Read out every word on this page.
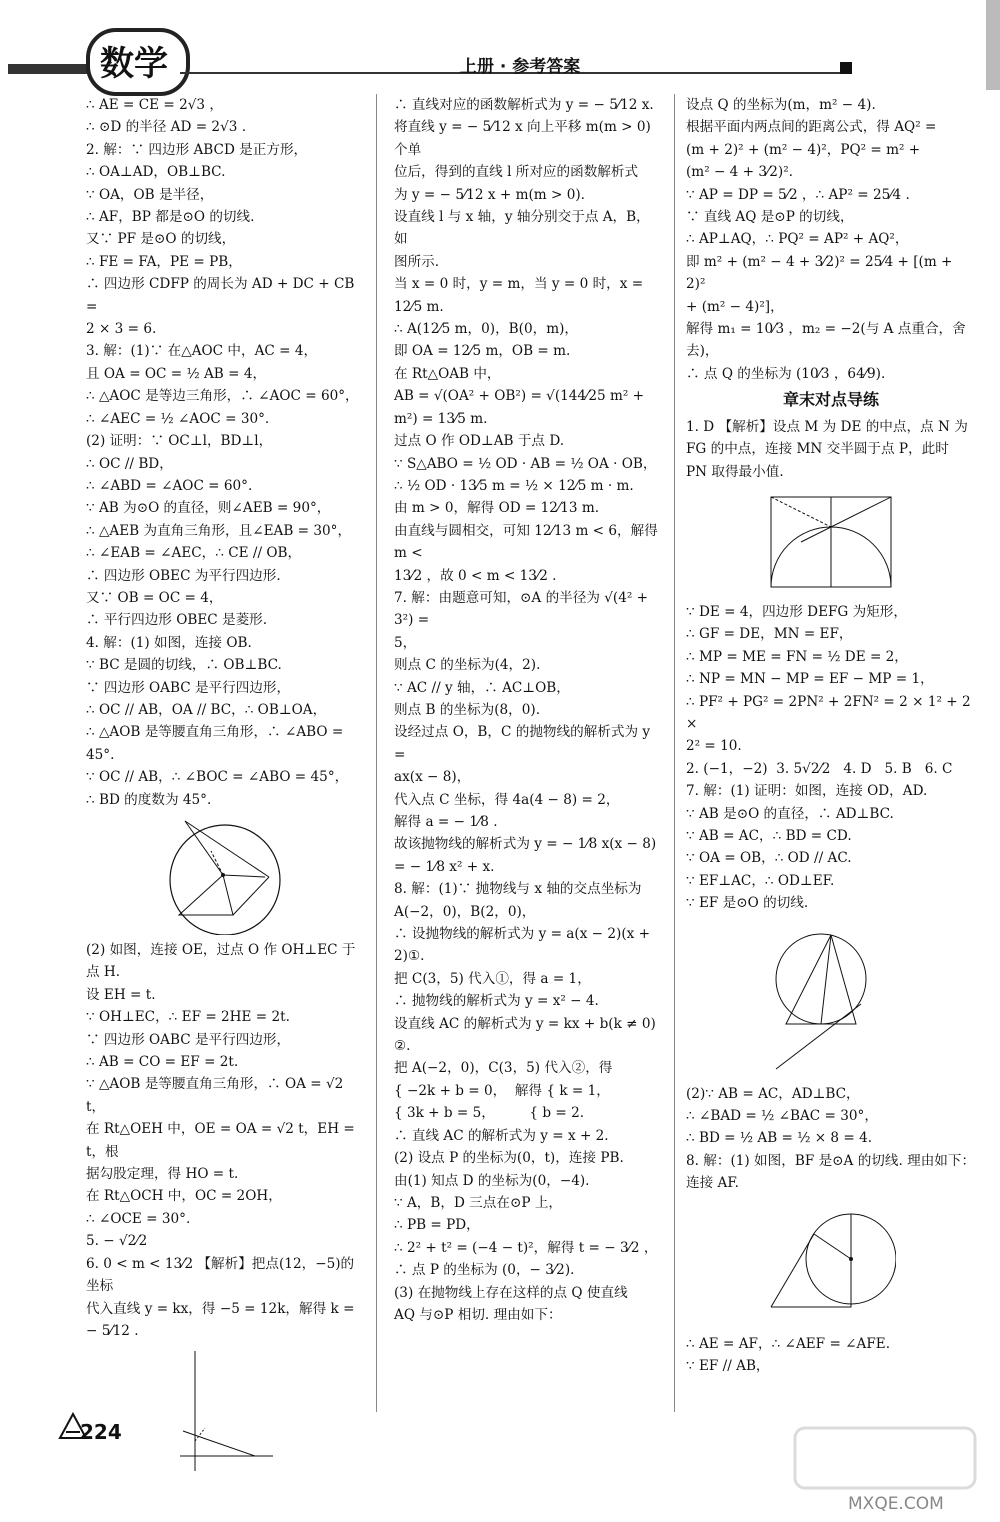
数学	上册 · 参考答案
∴ AE = CE = 2√3 ，
∴ ⊙D 的半径 AD = 2√3 .
2. 解：∵ 四边形 ABCD 是正方形，
∴ OA⊥AD，OB⊥BC.
∵ OA，OB 是半径，
∴ AF，BP 都是⊙O 的切线.
又∵ PF 是⊙O 的切线，
∴ FE = FA，PE = PB，
∴ 四边形 CDFP 的周长为 AD + DC + CB =
2 × 3 = 6.
3. 解：(1)∵ 在△AOC 中，AC = 4，
且 OA = OC = ½ AB = 4，
∴ △AOC 是等边三角形，∴ ∠AOC = 60°，
∴ ∠AEC = ½ ∠AOC = 30°.
(2) 证明：∵ OC⊥l，BD⊥l，
∴ OC // BD，
∴ ∠ABD = ∠AOC = 60°.
∵ AB 为⊙O 的直径，则∠AEB = 90°，
∴ △AEB 为直角三角形，且∠EAB = 30°，
∴ ∠EAB = ∠AEC，∴ CE // OB，
∴ 四边形 OBEC 为平行四边形.
又∵ OB = OC = 4，
∴ 平行四边形 OBEC 是菱形.
4. 解：(1) 如图，连接 OB.
∵ BC 是圆的切线，∴ OB⊥BC.
∵ 四边形 OABC 是平行四边形，
∴ OC // AB，OA // BC，∴ OB⊥OA，
∴ △AOB 是等腰直角三角形，∴ ∠ABO =
45°.
∵ OC // AB，∴ ∠BOC = ∠ABO = 45°，
∴ BD 的度数为 45°.
(2) 如图，连接 OE，过点 O 作 OH⊥EC 于
点 H.
设 EH = t.
∵ OH⊥EC，∴ EF = 2HE = 2t.
∵ 四边形 OABC 是平行四边形，
∴ AB = CO = EF = 2t.
∵ △AOB 是等腰直角三角形，∴ OA = √2 t，
在 Rt△OEH 中，OE = OA = √2 t，EH = t，根
据勾股定理，得 HO = t.
在 Rt△OCH 中，OC = 2OH，
∴ ∠OCE = 30°.
5. − √2⁄2
6. 0 < m < 13⁄2 【解析】把点(12，−5)的坐标
代入直线 y = kx，得 −5 = 12k，解得 k = − 5⁄12 .
∴ 直线对应的函数解析式为 y = − 5⁄12 x.
将直线 y = − 5⁄12 x 向上平移 m(m > 0) 个单
位后，得到的直线 l 所对应的函数解析式
为 y = − 5⁄12 x + m(m > 0).
设直线 l 与 x 轴，y 轴分别交于点 A，B，如
图所示.
当 x = 0 时，y = m，当 y = 0 时，x = 12⁄5 m.
∴ A(12⁄5 m，0)，B(0，m)，
即 OA = 12⁄5 m，OB = m.
在 Rt△OAB 中，
AB = √(OA² + OB²) = √(144⁄25 m² + m²) = 13⁄5 m.
过点 O 作 OD⊥AB 于点 D.
∵ S△ABO = ½ OD · AB = ½ OA · OB，
∴ ½ OD · 13⁄5 m = ½ × 12⁄5 m · m.
由 m > 0，解得 OD = 12⁄13 m.
由直线与圆相交，可知 12⁄13 m < 6，解得 m <
13⁄2 ，故 0 < m < 13⁄2 .
7. 解：由题意可知，⊙A 的半径为 √(4² + 3²) =
5，
则点 C 的坐标为(4，2).
∵ AC // y 轴，∴ AC⊥OB，
则点 B 的坐标为(8，0).
设经过点 O，B，C 的抛物线的解析式为 y =
ax(x − 8)，
代入点 C 坐标，得 4a(4 − 8) = 2，
解得 a = − 1⁄8 .
故该抛物线的解析式为 y = − 1⁄8 x(x − 8)
= − 1⁄8 x² + x.
8. 解：(1)∵ 抛物线与 x 轴的交点坐标为
A(−2，0)，B(2，0)，
∴ 设抛物线的解析式为 y = a(x − 2)(x +
2)①.
把 C(3，5) 代入①，得 a = 1，
∴ 抛物线的解析式为 y = x² − 4.
设直线 AC 的解析式为 y = kx + b(k ≠ 0)
②.
把 A(−2，0)，C(3，5) 代入②，得
{ −2k + b = 0，  解得 { k = 1，
{ 3k + b = 5，        { b = 2.
∴ 直线 AC 的解析式为 y = x + 2.
(2) 设点 P 的坐标为(0，t)，连接 PB.
由(1) 知点 D 的坐标为(0，−4).
∵ A，B，D 三点在⊙P 上，
∴ PB = PD，
∴ 2² + t² = (−4 − t)²，解得 t = − 3⁄2 ，
∴ 点 P 的坐标为 (0，− 3⁄2).
(3) 在抛物线上存在这样的点 Q 使直线
AQ 与⊙P 相切. 理由如下：
设点 Q 的坐标为(m，m² − 4).
根据平面内两点间的距离公式，得 AQ² =
(m + 2)² + (m² − 4)²，PQ² = m² +
(m² − 4 + 3⁄2)².
∵ AP = DP = 5⁄2 ，∴ AP² = 25⁄4 .
∵ 直线 AQ 是⊙P 的切线，
∴ AP⊥AQ，∴ PQ² = AP² + AQ²，
即 m² + (m² − 4 + 3⁄2)² = 25⁄4 + [(m + 2)²
+ (m² − 4)²]，
解得 m₁ = 10⁄3 ，m₂ = −2(与 A 点重合，舍去)，
∴ 点 Q 的坐标为 (10⁄3 ，64⁄9).
章末对点导练
1. D 【解析】设点 M 为 DE 的中点，点 N 为
FG 的中点，连接 MN 交半圆于点 P，此时
PN 取得最小值.
∵ DE = 4，四边形 DEFG 为矩形，
∴ GF = DE，MN = EF，
∴ MP = ME = FN = ½ DE = 2，
∴ NP = MN − MP = EF − MP = 1，
∴ PF² + PG² = 2PN² + 2FN² = 2 × 1² + 2 ×
2² = 10.
2. (−1，−2)  3. 5√2⁄2   4. D   5. B   6. C
7. 解：(1) 证明：如图，连接 OD，AD.
∵ AB 是⊙O 的直径，∴ AD⊥BC.
∵ AB = AC，∴ BD = CD.
∵ OA = OB，∴ OD // AC.
∵ EF⊥AC，∴ OD⊥EF.
∵ EF 是⊙O 的切线.
(2)∵ AB = AC，AD⊥BC，
∴ ∠BAD = ½ ∠BAC = 30°，
∴ BD = ½ AB = ½ × 8 = 4.
8. 解：(1) 如图，BF 是⊙A 的切线. 理由如下：
连接 AF.
∴ AE = AF，∴ ∠AEF = ∠AFE.
∵ EF // AB，
224
MXQE.COM
